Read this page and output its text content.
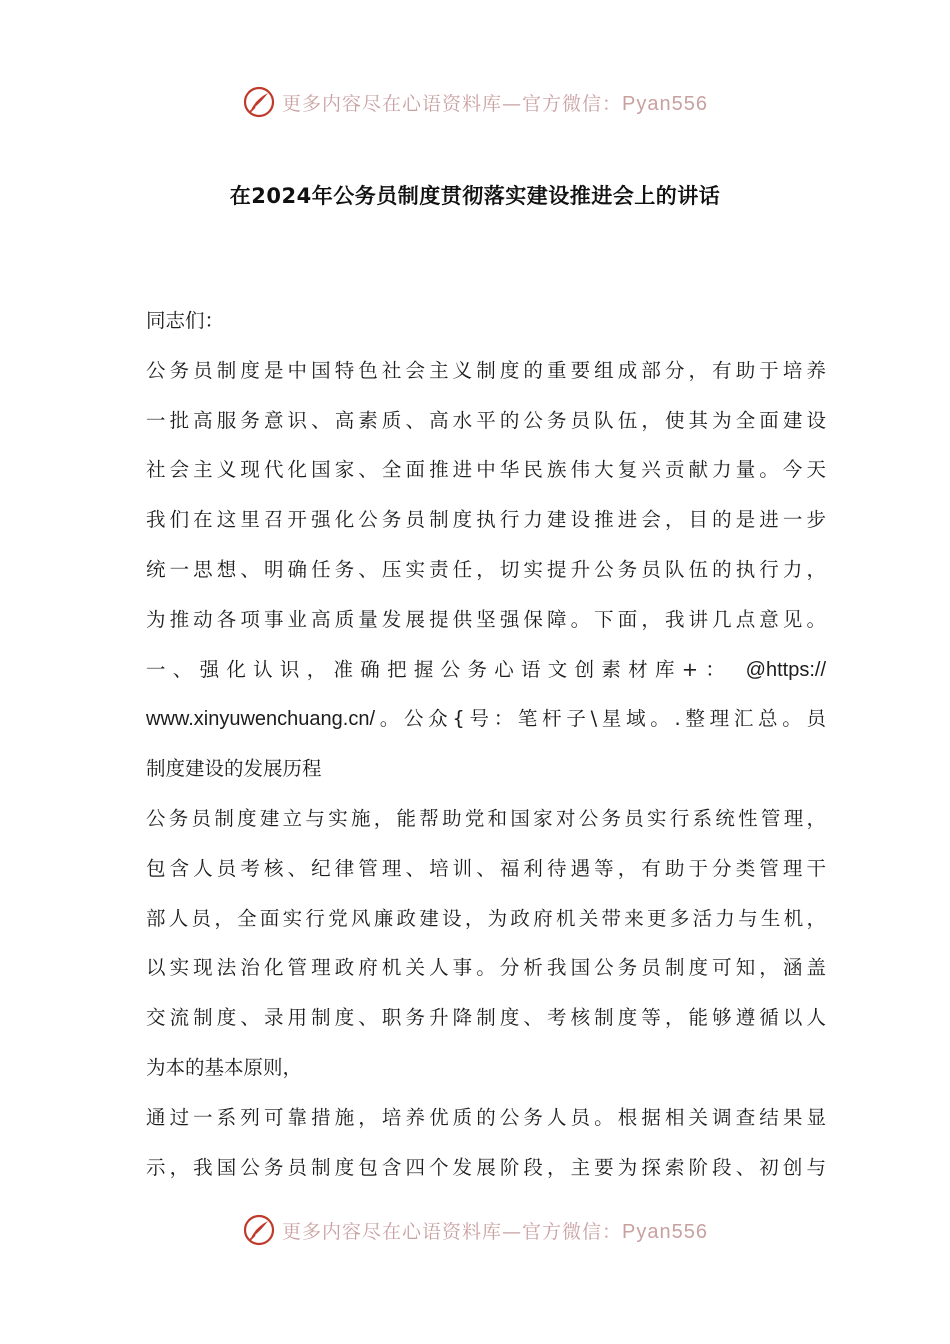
更多内容尽在心语资料库—官方微信：Pyan556
在2024年公务员制度贯彻落实建设推进会上的讲话
同志们：
公务员制度是中国特色社会主义制度的重要组成部分，有助于培养
一批高服务意识、高素质、高水平的公务员队伍，使其为全面建设
社会主义现代化国家、全面推进中华民族伟大复兴贡献力量。今天
我们在这里召开强化公务员制度执行力建设推进会，目的是进一步
统一思想、明确任务、压实责任，切实提升公务员队伍的执行力，
为推动各项事业高质量发展提供坚强保障。下面，我讲几点意见。
一、强化认识，准确把握公务心语文创素材库+： @https://
www.xinyuwenchuang.cn/。公众{号：笔杆子\星域。.整理汇总。员
制度建设的发展历程
公务员制度建立与实施，能帮助党和国家对公务员实行系统性管理，
包含人员考核、纪律管理、培训、福利待遇等，有助于分类管理干
部人员，全面实行党风廉政建设，为政府机关带来更多活力与生机，
以实现法治化管理政府机关人事。分析我国公务员制度可知，涵盖
交流制度、录用制度、职务升降制度、考核制度等，能够遵循以人
为本的基本原则，
通过一系列可靠措施，培养优质的公务人员。根据相关调查结果显
示，我国公务员制度包含四个发展阶段，主要为探索阶段、初创与
更多内容尽在心语资料库—官方微信：Pyan556
